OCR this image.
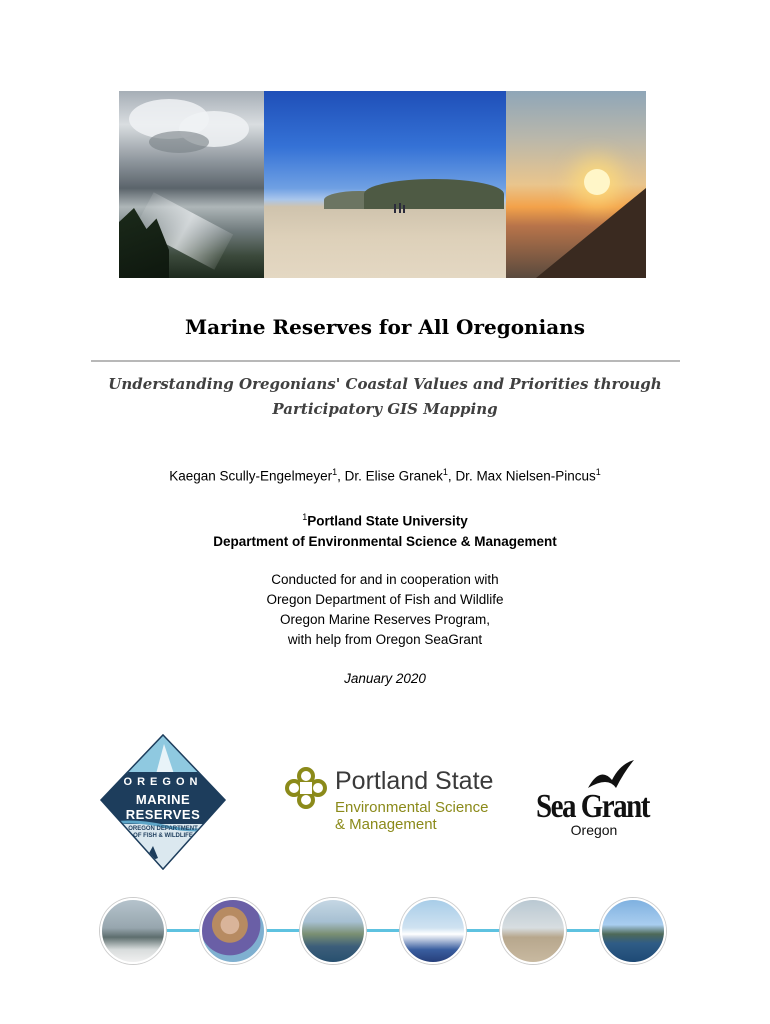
Marine Reserves for All Oregonians
Understanding Oregonians' Coastal Values and Priorities through
Participatory GIS Mapping
Kaegan Scully-Engelmeyer$^1$, Dr. Elise Granek$^1$, Dr. Max Nielsen-Pincus$^1$
$^1$Portland State University
Department of Environmental Science & Management
Conducted for and in cooperation with
Oregon Department of Fish and Wildlife
Oregon Marine Reserves Program,
with help from Oregon SeaGrant
January 2020
OREGON
MARINE RESERVES
OREGON DEPARTMENT OF FISH & WILDLIFE
Portland State
Environmental Science
& Management	Sea Grant
Oregon
